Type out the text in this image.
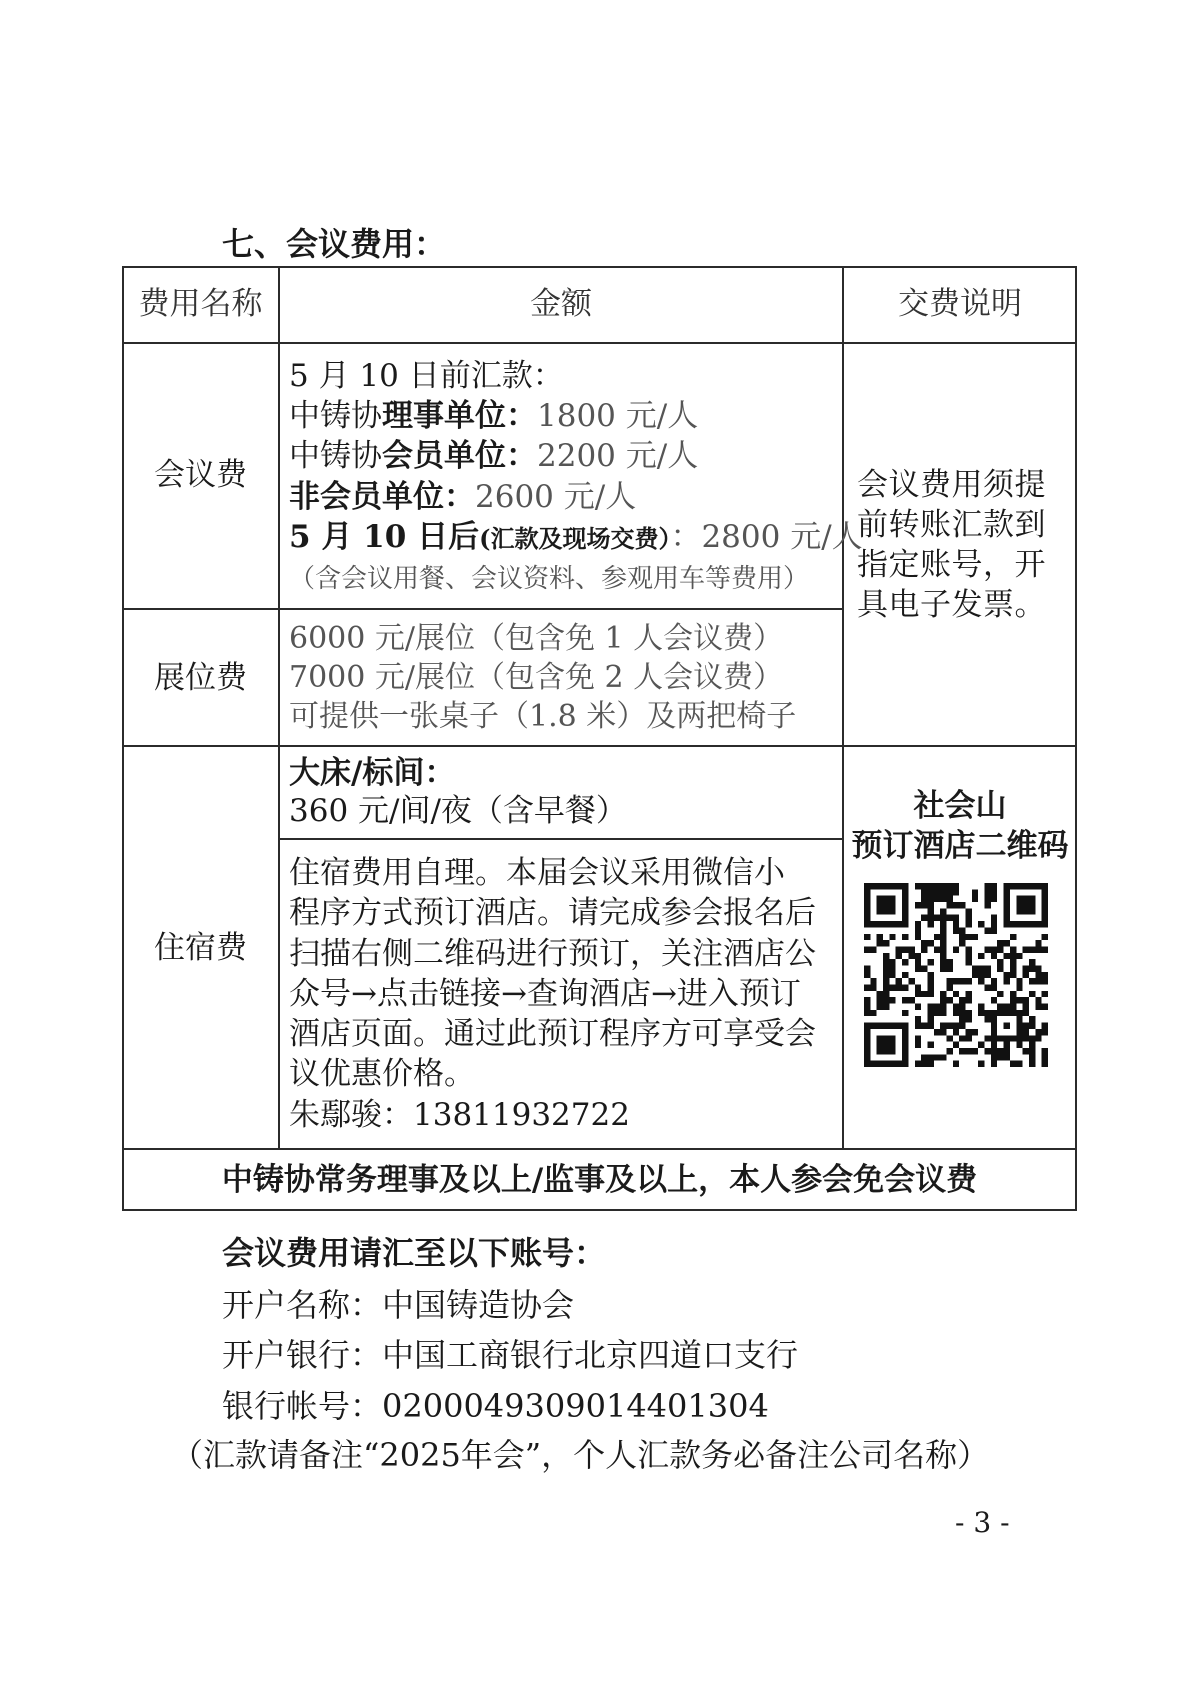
七、会议费用：
费用名称	金额	交费说明
会议费
5 月 10 日前汇款：
中铸协理事单位：1800 元/人
中铸协会员单位：2200 元/人
非会员单位：2600 元/人
5 月 10 日后(汇款及现场交费）：2800 元/人
（含会议用餐、会议资料、参观用车等费用）
会议费用须提
前转账汇款到
指定账号，开
具电子发票。
展位费
6000 元/展位（包含免 1 人会议费）
7000 元/展位（包含免 2 人会议费）
可提供一张桌子（1.8 米）及两把椅子
住宿费
大床/标间：
360 元/间/夜（含早餐）
住宿费用自理。本届会议采用微信小
程序方式预订酒店。请完成参会报名后
扫描右侧二维码进行预订，关注酒店公
众号→点击链接→查询酒店→进入预订
酒店页面。通过此预订程序方可享受会
议优惠价格。
朱鄢骏：13811932722
社会山
预订酒店二维码
中铸协常务理事及以上/监事及以上，本人参会免会议费
会议费用请汇至以下账号：
开户名称：中国铸造协会
开户银行：中国工商银行北京四道口支行
银行帐号：0200049309014401304
（汇款请备注“2025年会”，个人汇款务必备注公司名称）
- 3 -
